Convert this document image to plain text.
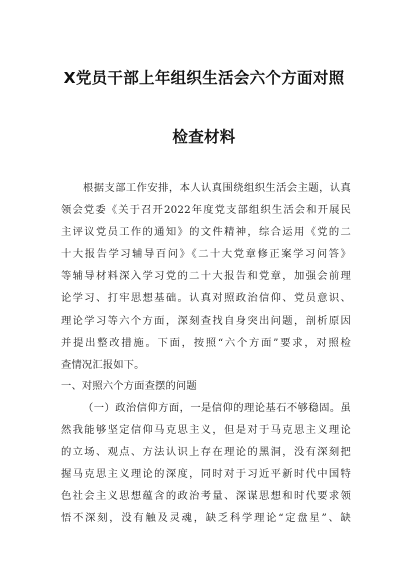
X党员干部上年组织生活会六个方面对照
检查材料
根据支部工作安排，本人认真围绕组织生活会主题，认真
领会党委《关于召开2022年度党支部组织生活会和开展民
主评议党员工作的通知》的文件精神，综合运用《党的二
十大报告学习辅导百问》《二十大党章修正案学习问答》
等辅导材料深入学习党的二十大报告和党章，加强会前理
论学习、打牢思想基础。认真对照政治信仰、党员意识、
理论学习等六个方面，深刻查找自身突出问题，剖析原因
并提出整改措施。下面，按照“六个方面”要求，对照检
查情况汇报如下。
一、对照六个方面查摆的问题
（一）政治信仰方面，一是信仰的理论基石不够稳固。虽
然我能够坚定信仰马克思主义，但是对于马克思主义理论
的立场、观点、方法认识上存在理论的黑洞，没有深刻把
握马克思主义理论的深度，同时对于习近平新时代中国特
色社会主义思想蕴含的政治考量、深谋思想和时代要求领
悟不深刻，没有触及灵魂，缺乏科学理论“定盘星”、缺
